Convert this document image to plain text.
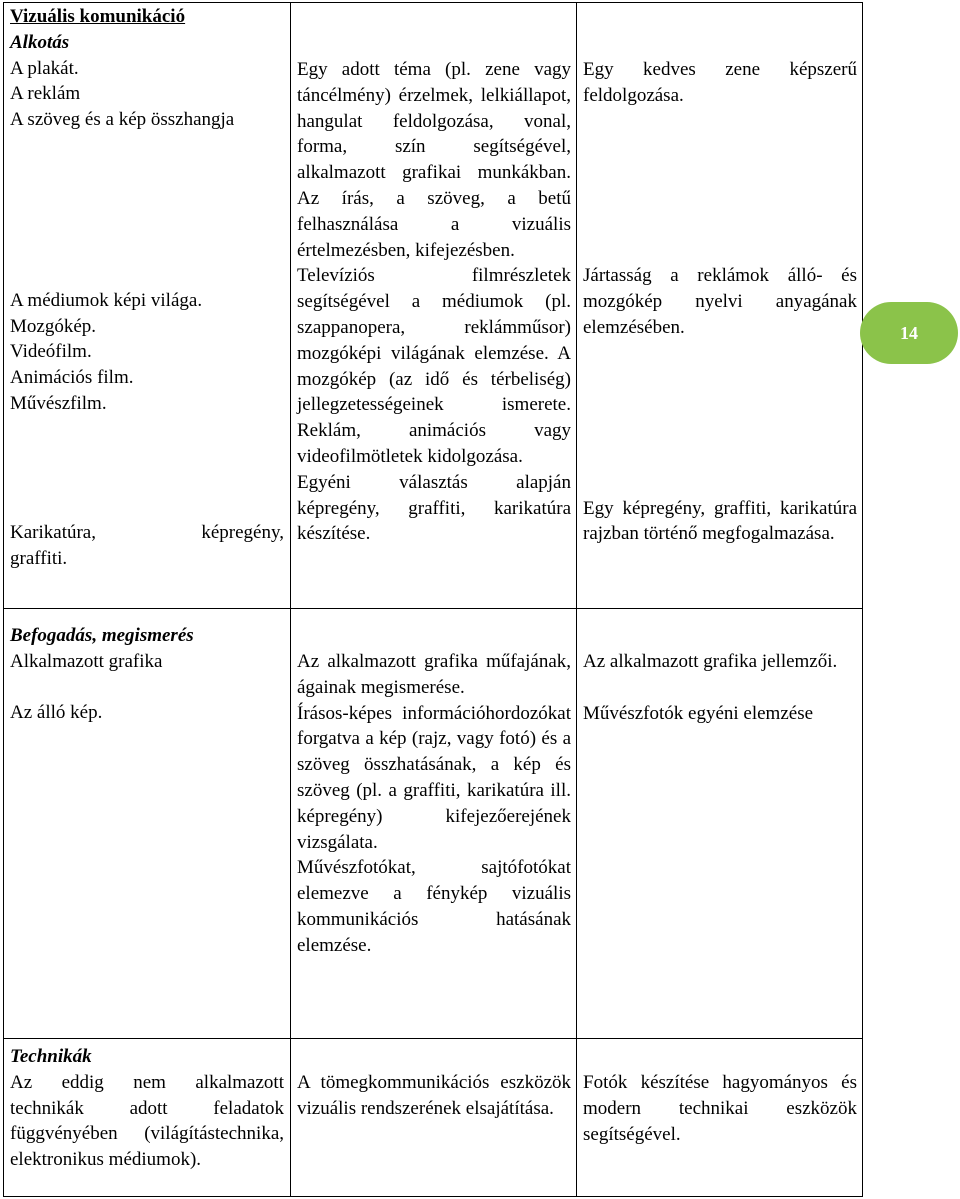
Vizuális komunikáció
Alkotás
A plakát.
A reklám
A szöveg és a kép összhangja
A médiumok képi világa.
Mozgókép.
Videófilm.
Animációs film.
Művészfilm.
Karikatúra, képregény,
graffiti.
Egy adott téma (pl. zene vagy táncélmény) érzelmek, lelkiállapot, hangulat feldolgozása, vonal, forma, szín segítségével, alkalmazott grafikai munkákban. Az írás, a szöveg, a betű felhasználása a vizuális értelmezésben, kifejezésben.
Televíziós filmrészletek segítségével a médiumok (pl. szappanopera, reklámműsor) mozgóképi világának elemzése. A mozgókép (az idő és térbeliség) jellegzetességeinek ismerete. Reklám, animációs vagy videofilmötletek kidolgozása.
Egyéni választás alapján képregény, graffiti, karikatúra készítése.
Egy kedves zene képszerű feldolgozása.
Jártasság a reklámok álló- és mozgókép nyelvi anyagának elemzésében.
Egy képregény, graffiti, karikatúra rajzban történő megfogalmazása.
Befogadás, megismerés
Alkalmazott grafika
Az álló kép.
Az alkalmazott grafika műfajának, ágainak megismerése.
Írásos-képes információhordozókat forgatva a kép (rajz, vagy fotó) és a szöveg összhatásának, a kép és szöveg (pl. a graffiti, karikatúra ill. képregény) kifejezőerejének vizsgálata.
Művészfotókat, sajtófotókat elemezve a fénykép vizuális kommunikációs hatásának elemzése.
Az alkalmazott grafika jellemzői.
Művészfotók egyéni elemzése
Technikák
Az eddig nem alkalmazott technikák adott feladatok függvényében (világítástechnika, elektronikus médiumok).
A tömegkommunikációs eszközök vizuális rendszerének elsajátítása.
Fotók készítése hagyományos és modern technikai eszközök segítségével.
14
